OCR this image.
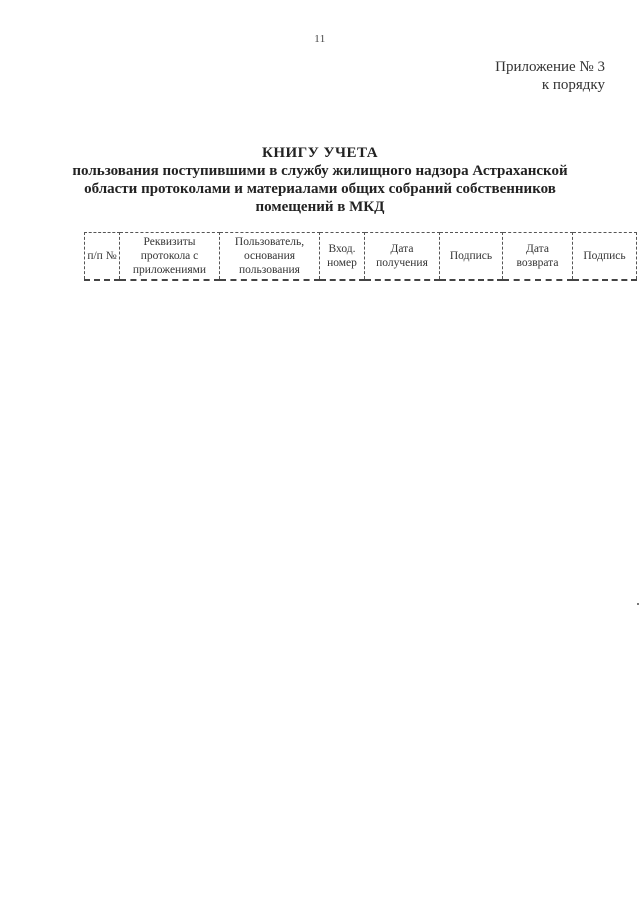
11
Приложение № 3
к порядку
КНИГУ УЧЕТА
пользования поступившими в службу жилищного надзора Астраханской
области протоколами и материалами общих собраний собственников
помещений в МКД
п/п №	Реквизиты протокола с приложениями	Пользователь, основания пользования	Вход. номер	Дата получения	Подпись	Дата возврата	Подпись
